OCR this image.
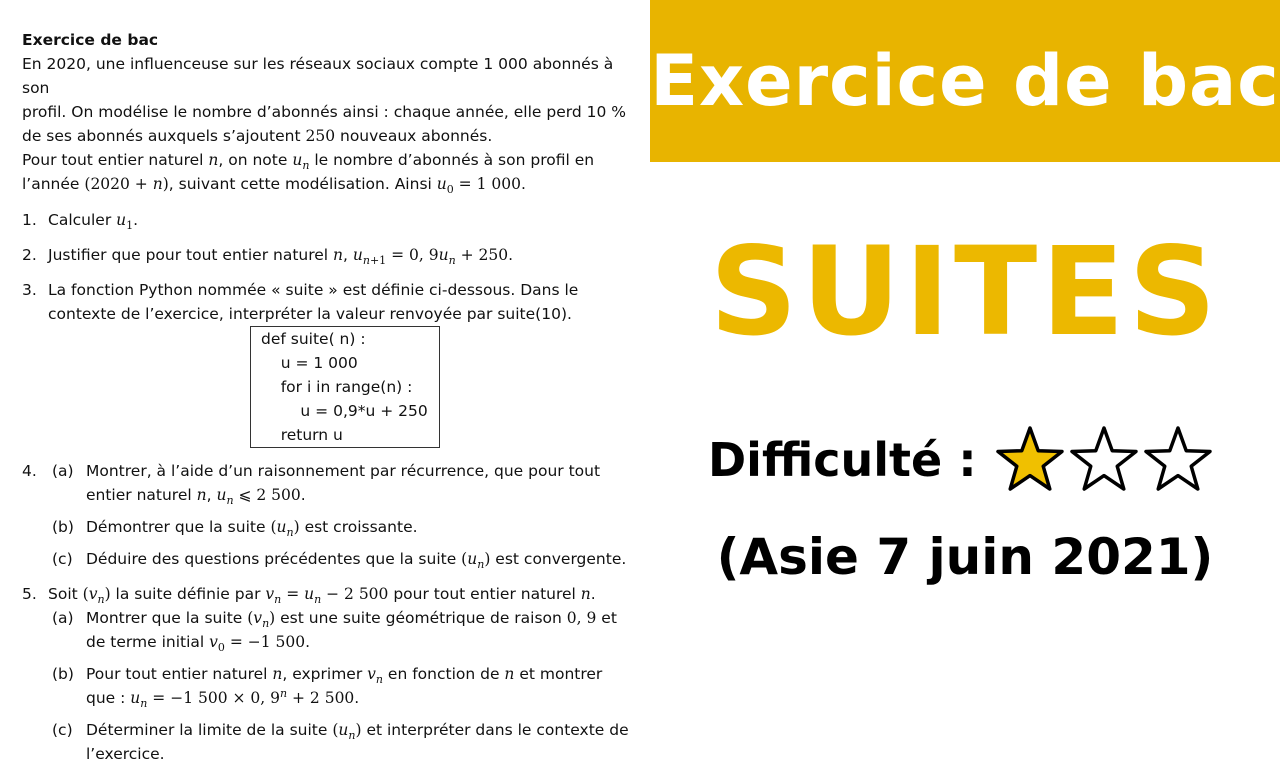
Exercice de bac
En 2020, une influenceuse sur les réseaux sociaux compte 1 000 abonnés à son
profil. On modélise le nombre d’abonnés ainsi : chaque année, elle perd 10 %
de ses abonnés auxquels s’ajoutent 250 nouveaux abonnés.
Pour tout entier naturel n, on note $u_n$ le nombre d’abonnés à son profil en
l’année (2020 + n), suivant cette modélisation. Ainsi $u_0 = 1$ 000.
1. Calculer $u_1$.
2. Justifier que pour tout entier naturel n, $u_{n+1} = 0$, $9u_n + 250$.
3. La fonction Python nommée « suite » est définie ci-dessous. Dans le
contexte de l’exercice, interpréter la valeur renvoyée par suite(10).
def suite( n) :
u = 1 000
for i in range(n) :
u = 0,9*u + 250
return u
4. (a) Montrer, à l’aide d’un raisonnement par récurrence, que pour tout
entier naturel n, $u_n$ ⩽ 2 500.
(b) Démontrer que la suite $(u_n)$ est croissante.
(c) Déduire des questions précédentes que la suite $(u_n)$ est convergente.
5. Soit $(v_n)$ la suite définie par $v_n = u_n - 2$ 500 pour tout entier naturel n.
(a) Montrer que la suite $(v_n)$ est une suite géométrique de raison 0, 9 et
de terme initial $v_0 = -1$ 500.
(b) Pour tout entier naturel n, exprimer $v_n$ en fonction de n et montrer
que : $u_n = -1$ 500 × 0, $9^n + 2$ 500.
(c) Déterminer la limite de la suite $(u_n)$ et interpréter dans le contexte de
l’exercice.
Exercice de bac
SUITES
Difficulté :
(Asie 7 juin 2021)
